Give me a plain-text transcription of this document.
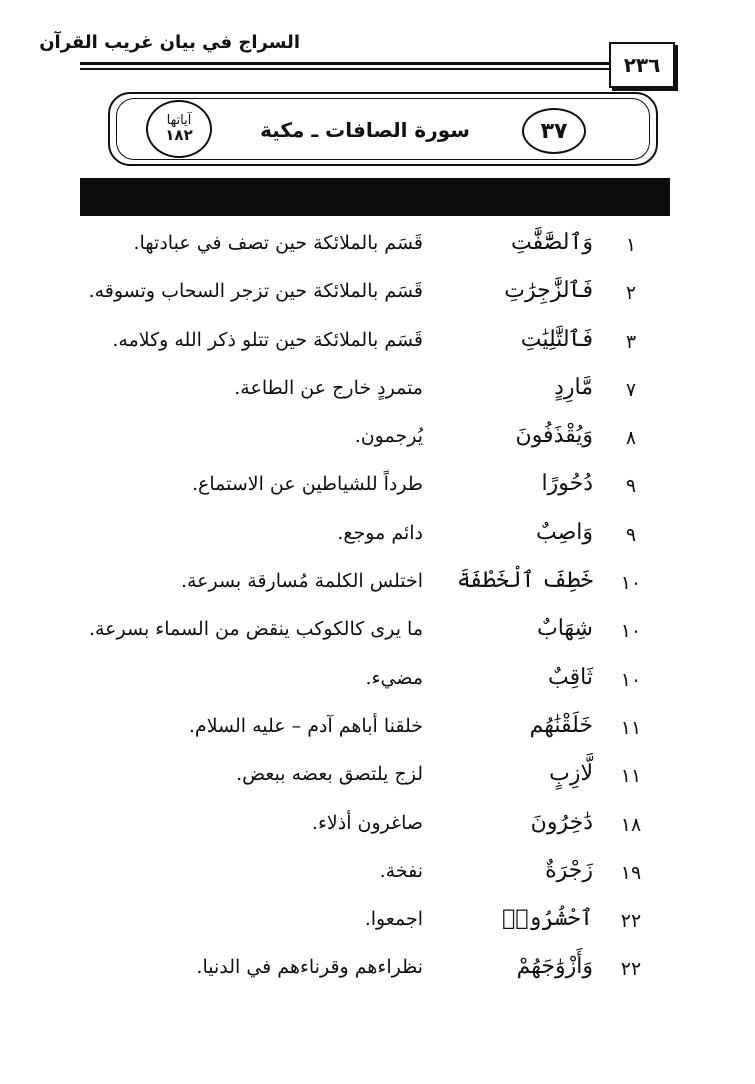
السراج في بيان غريب القرآن
٢٣٦
٣٧
سورة الصافات ـ مكية
آياتها
١٨٢
١
وَٱلصَّٰٓفَّٰتِ
قَسَم بالملائكة حين تصف في عبادتها.
٢
فَٱلزَّٰجِرَٰتِ
قَسَم بالملائكة حين تزجر السحاب وتسوقه.
٣
فَٱلتَّٰلِيَٰتِ
قَسَم بالملائكة حين تتلو ذكر الله وكلامه.
٧
مَّارِدٍ
متمردٍ خارج عن الطاعة.
٨
وَيُقْذَفُونَ
يُرجمون.
٩
دُحُورًا
طرداً للشياطين عن الاستماع.
٩
وَاصِبٌ
دائم موجع.
١٠
خَطِفَ ٱلْخَطْفَةَ
اختلس الكلمة مُسارقة بسرعة.
١٠
شِهَابٌ
ما يرى كالكوكب ينقض من السماء بسرعة.
١٠
ثَاقِبٌ
مضيء.
١١
خَلَقْنَٰهُم
خلقنا أباهم آدم – عليه السلام.
١١
لَّازِبٍ
لزج يلتصق بعضه ببعض.
١٨
دَٰخِرُونَ
صاغرون أذلاء.
١٩
زَجْرَةٌ
نفخة.
٢٢
ٱحْشُرُوا۟
اجمعوا.
٢٢
وَأَزْوَٰجَهُمْ
نظراءهم وقرناءهم في الدنيا.
